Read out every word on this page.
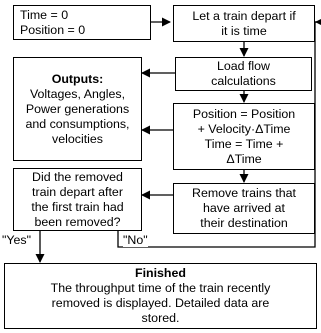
Time = 0
Position = 0
Let a train depart if
it is time
Load flow
calculations
Outputs:
Voltages, Angles,
Power generations
and consumptions,
velocities
Position = Position
+ Velocity·ΔTime
Time = Time +
ΔTime
Remove trains that
have arrived at
their destination
Did the removed
train depart after
the first train had
been removed?
"Yes"	"No"
Finished
The throughput time of the train recently
removed is displayed. Detailed data are
stored.
